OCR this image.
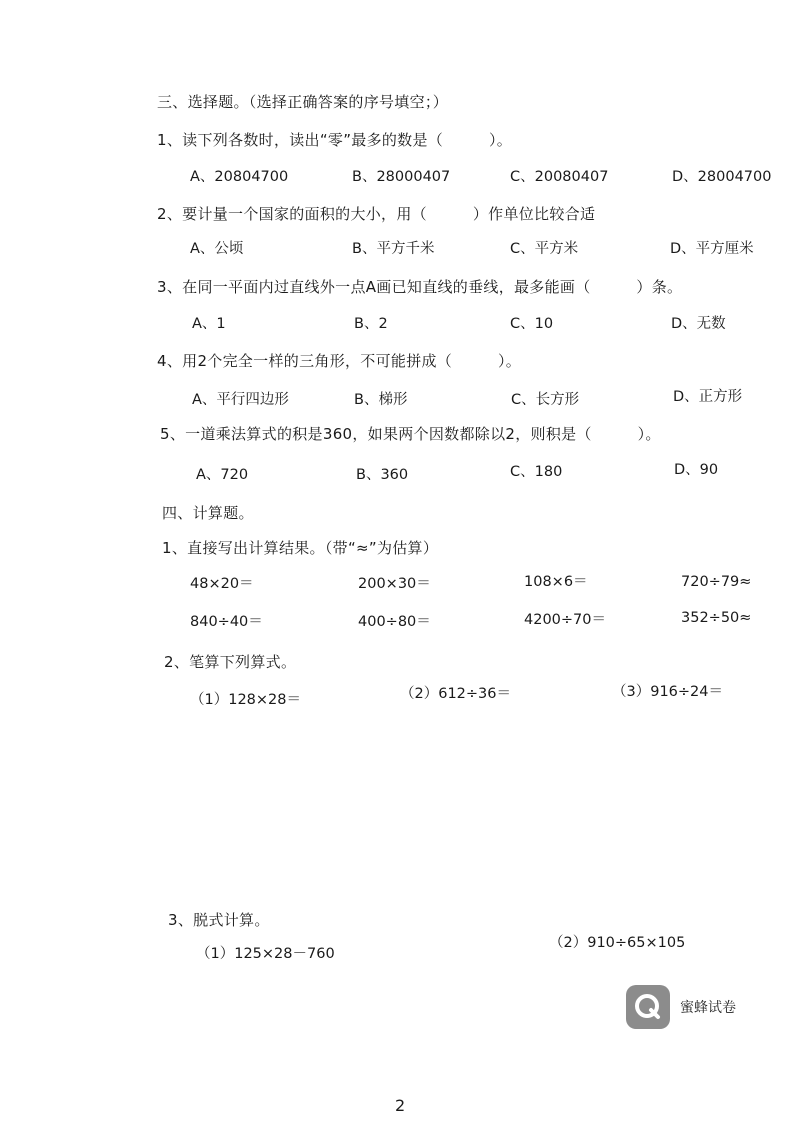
三、选择题。（选择正确答案的序号填空；）
1、读下列各数时，读出“零”最多的数是（　　　）。
A、20804700	B、28000407	C、20080407	D、28004700
2、要计量一个国家的面积的大小，用（　　　）作单位比较合适
A、公顷	B、平方千米	C、平方米	D、平方厘米
3、在同一平面内过直线外一点A画已知直线的垂线，最多能画（　　　）条。
A、1	B、2	C、10	D、无数
4、用2个完全一样的三角形，不可能拼成（　　　）。
A、平行四边形	B、梯形	C、长方形	D、正方形
5、一道乘法算式的积是360，如果两个因数都除以2，则积是（　　　）。
A、720	B、360	C、180	D、90
四、计算题。
1、直接写出计算结果。（带“≈”为估算）
48×20＝	200×30＝	108×6＝	720÷79≈
840÷40＝	400÷80＝	4200÷70＝	352÷50≈
2、笔算下列算式。
（1）128×28＝	（2）612÷36＝	（3）916÷24＝
3、脱式计算。
（1）125×28－760
（2）910÷65×105
蜜蜂试卷
2
